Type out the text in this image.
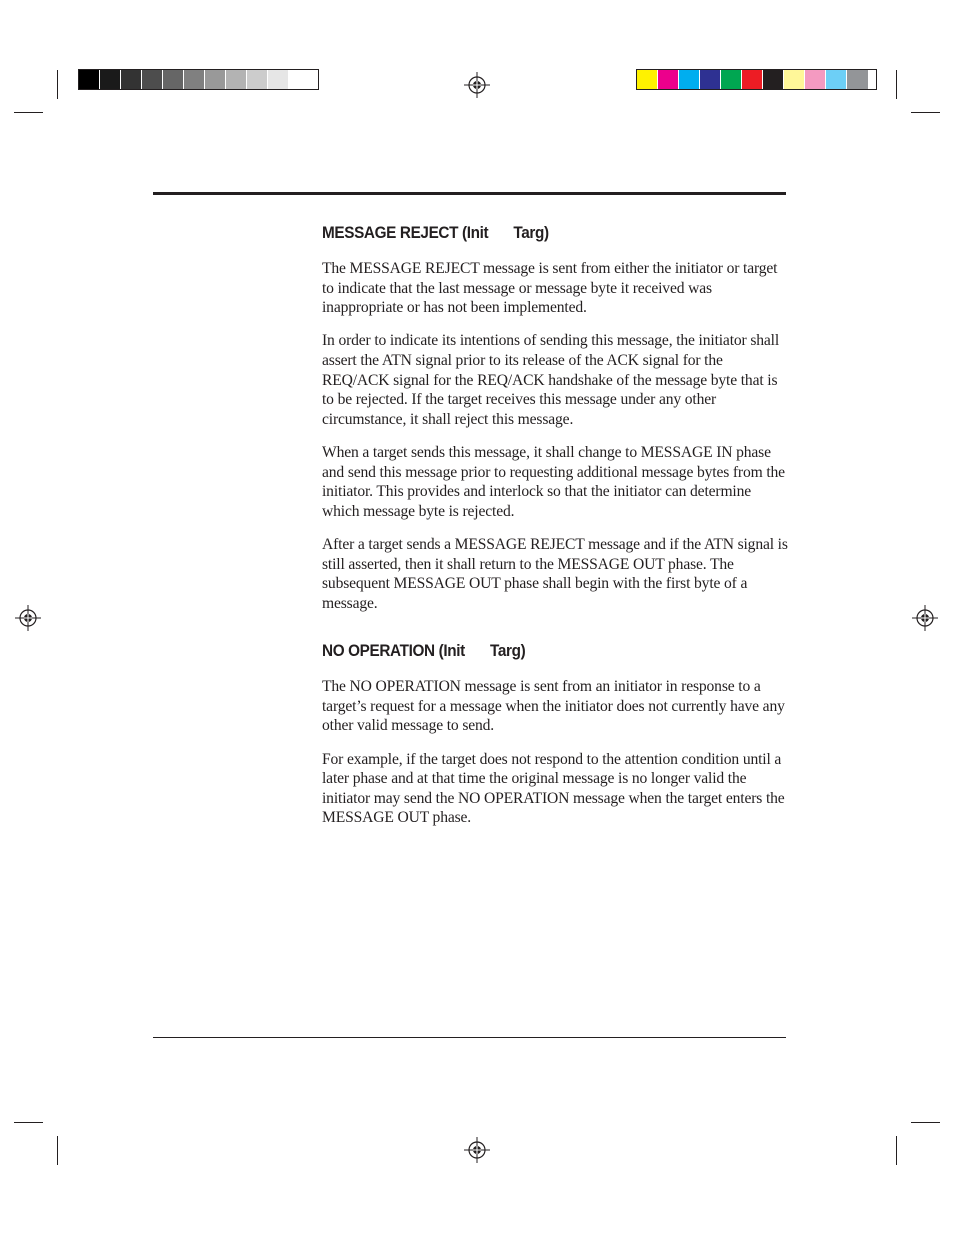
MESSAGE REJECT (Init Targ)

The MESSAGE REJECT message is sent from either the initiator or target to indicate that the last message or message byte it received was inappropriate or has not been implemented.

In order to indicate its intentions of sending this message, the initiator shall assert the ATN signal prior to its release of the ACK signal for the REQ/ACK signal for the REQ/ACK handshake of the message byte that is to be rejected. If the target receives this message under any other circumstance, it shall reject this message.

When a target sends this message, it shall change to MESSAGE IN phase and send this message prior to requesting additional message bytes from the initiator. This provides and interlock so that the initiator can determine which message byte is rejected.

After a target sends a MESSAGE REJECT message and if the ATN signal is still asserted, then it shall return to the MESSAGE OUT phase. The subsequent MESSAGE OUT phase shall begin with the first byte of a message.

NO OPERATION (Init Targ)

The NO OPERATION message is sent from an initiator in response to a target’s request for a message when the initiator does not currently have any other valid message to send.

For example, if the target does not respond to the attention condition until a later phase and at that time the original message is no longer valid the initiator may send the NO OPERATION message when the target enters the MESSAGE OUT phase.
